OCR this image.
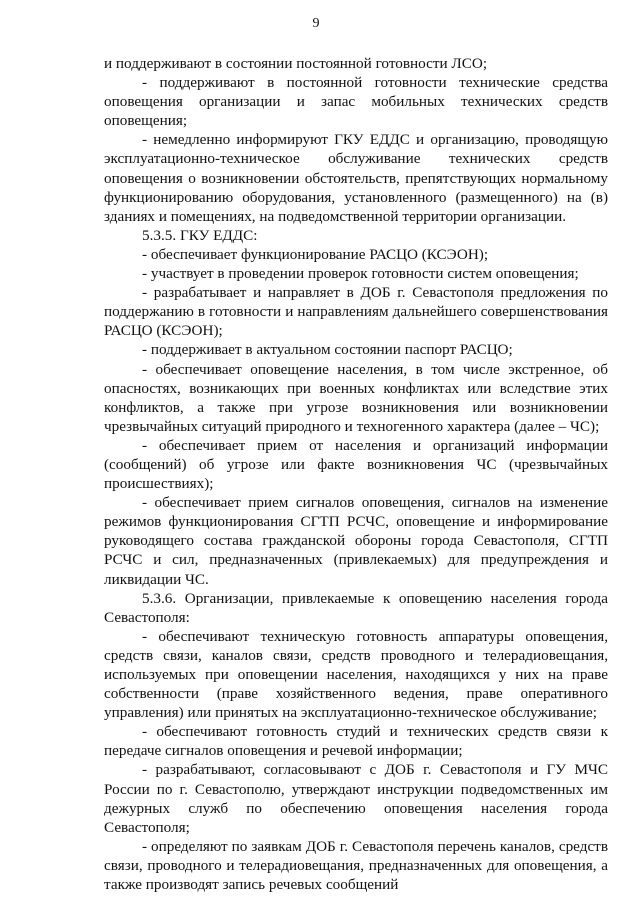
9

и поддерживают в состоянии постоянной готовности ЛСО;

- поддерживают в постоянной готовности технические средства оповещения организации и запас мобильных технических средств оповещения;

- немедленно информируют ГКУ ЕДДС и организацию, проводящую эксплуатационно-техническое обслуживание технических средств оповещения о возникновении обстоятельств, препятствующих нормальному функционированию оборудования, установленного (размещенного) на (в) зданиях и помещениях, на подведомственной территории организации.

5.3.5. ГКУ ЕДДС:

- обеспечивает функционирование РАСЦО (КСЭОН);

- участвует в проведении проверок готовности систем оповещения;

- разрабатывает и направляет в ДОБ г. Севастополя предложения по поддержанию в готовности и направлениям дальнейшего совершенствования РАСЦО (КСЭОН);

- поддерживает в актуальном состоянии паспорт РАСЦО;

- обеспечивает оповещение населения, в том числе экстренное, об опасностях, возникающих при военных конфликтах или вследствие этих конфликтов, а также при угрозе возникновения или возникновении чрезвычайных ситуаций природного и техногенного характера (далее – ЧС);

- обеспечивает прием от населения и организаций информации (сообщений) об угрозе или факте возникновения ЧС (чрезвычайных происшествиях);

- обеспечивает прием сигналов оповещения, сигналов на изменение режимов функционирования СГТП РСЧС, оповещение и информирование руководящего состава гражданской обороны города Севастополя, СГТП РСЧС и сил, предназначенных (привлекаемых) для предупреждения и ликвидации ЧС.

5.3.6. Организации, привлекаемые к оповещению населения города Севастополя:

- обеспечивают техническую готовность аппаратуры оповещения, средств связи, каналов связи, средств проводного и телерадиовещания, используемых при оповещении населения, находящихся у них на праве собственности (праве хозяйственного ведения, праве оперативного управления) или принятых на эксплуатационно-техническое обслуживание;

- обеспечивают готовность студий и технических средств связи к передаче сигналов оповещения и речевой информации;

- разрабатывают, согласовывают с ДОБ г. Севастополя и ГУ МЧС России по г. Севастополю, утверждают инструкции подведомственных им дежурных служб по обеспечению оповещения населения города Севастополя;

- определяют по заявкам ДОБ г. Севастополя перечень каналов, средств связи, проводного и телерадиовещания, предназначенных для оповещения, а также производят запись речевых сообщений
